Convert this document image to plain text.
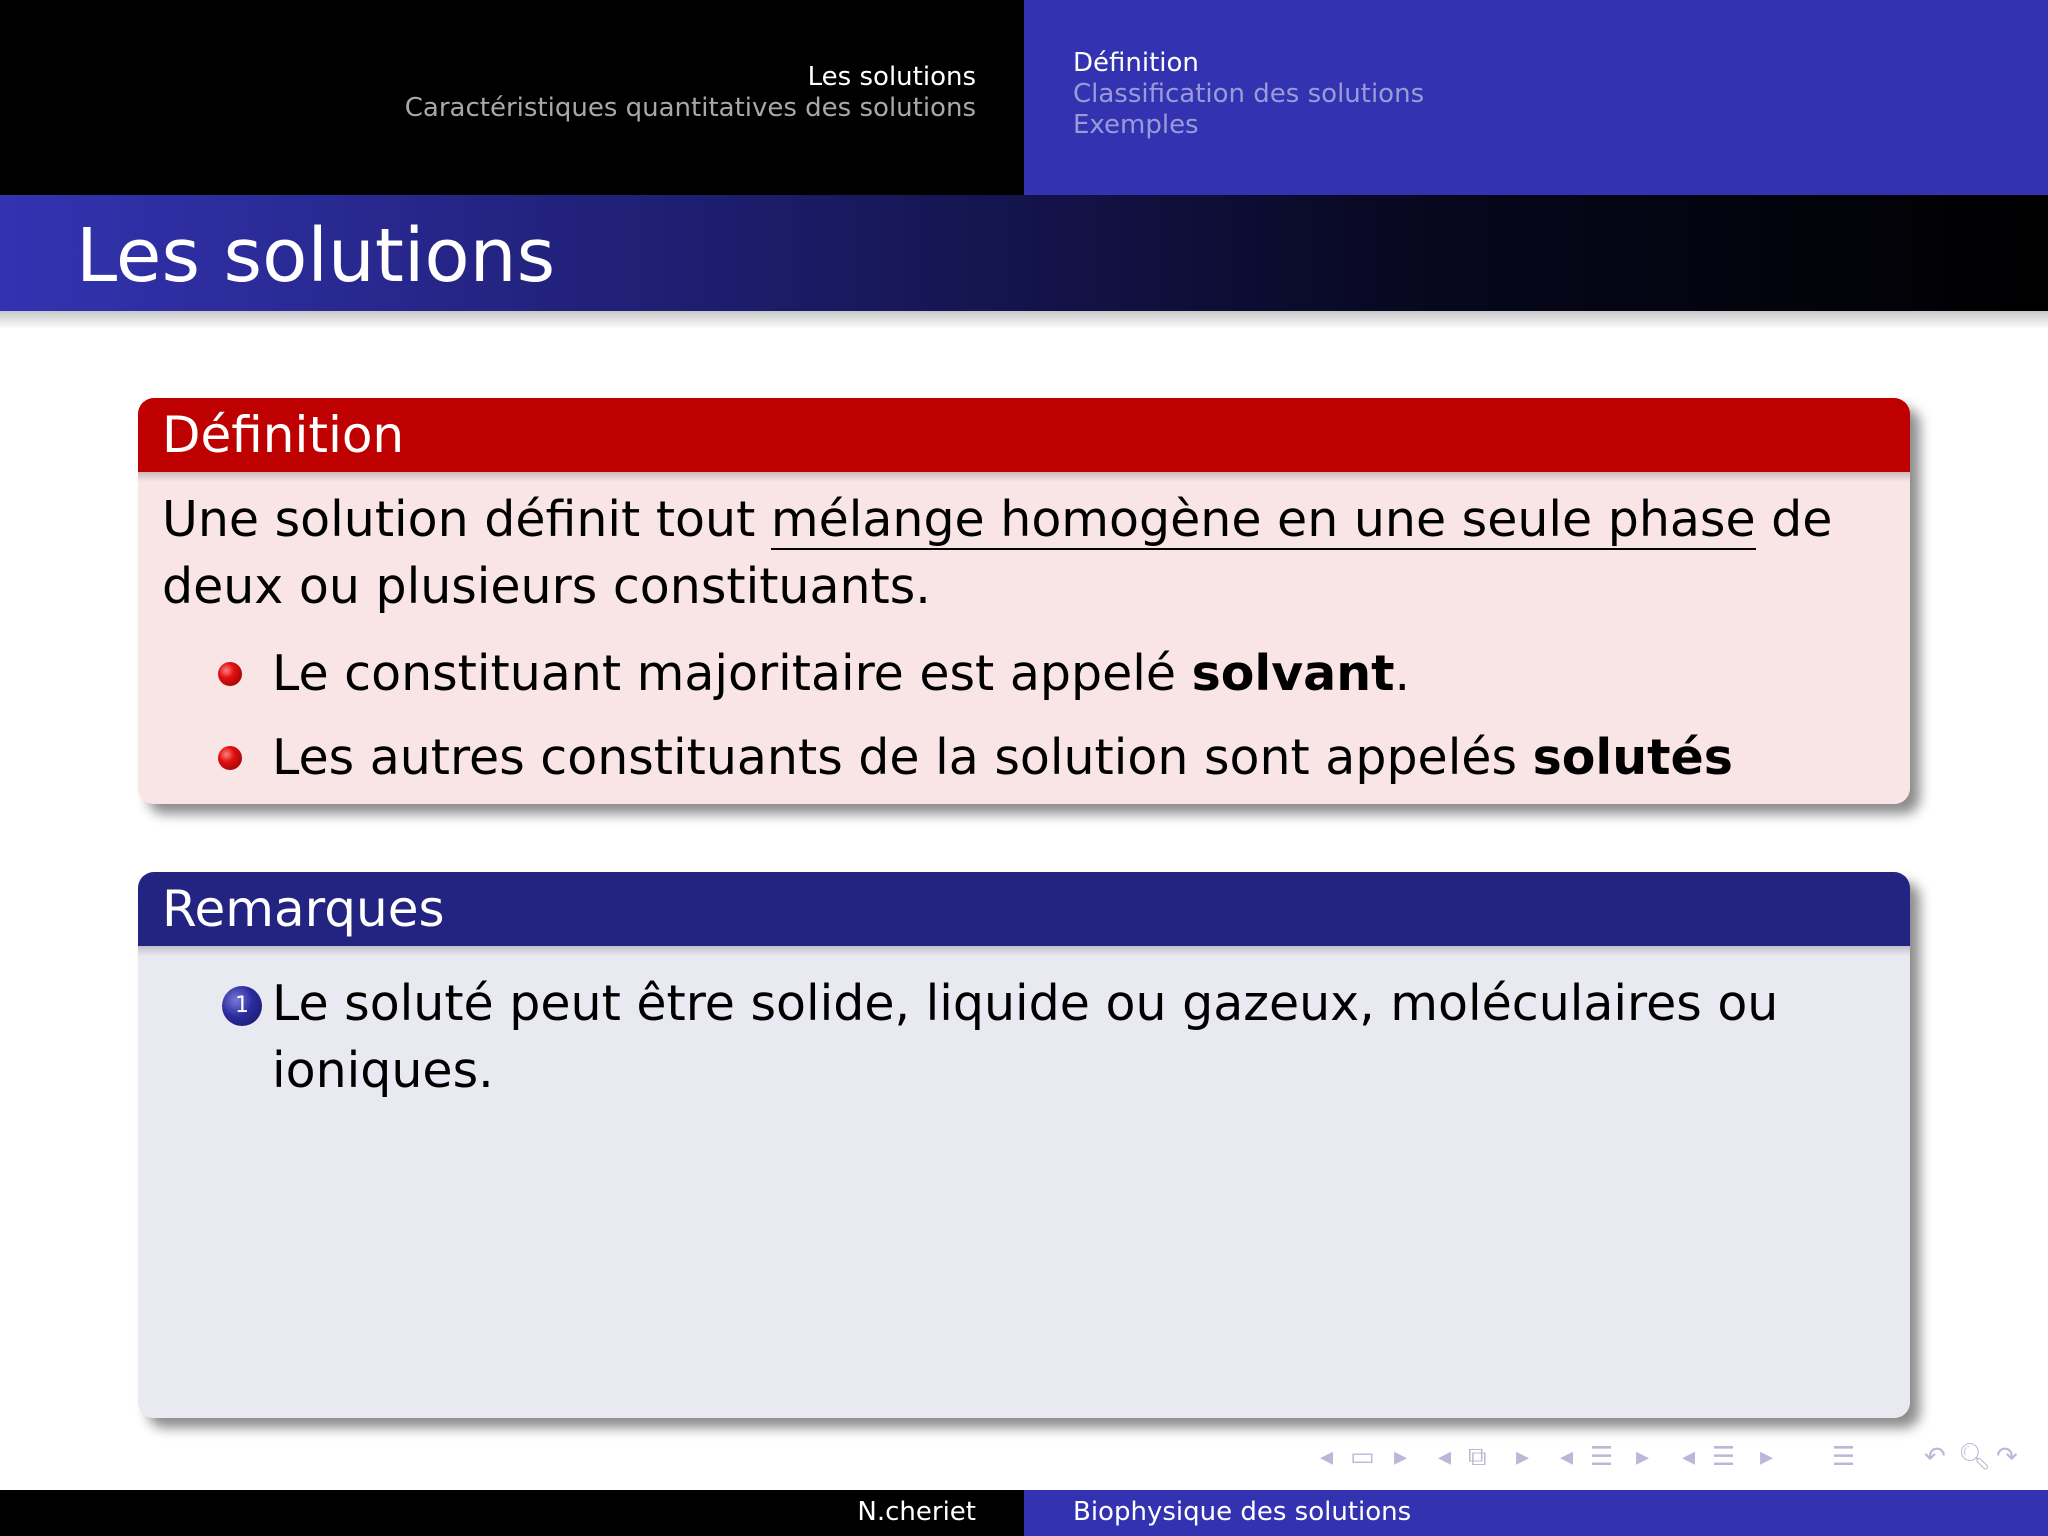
Les solutions
Caractéristiques quantitatives des solutions
Définition
Classification des solutions
Exemples
Les solutions
Définition
Une solution définit tout mélange homogène en une seule phase de deux ou plusieurs constituants.
Le constituant majoritaire est appelé solvant.
Les autres constituants de la solution sont appelés solutés
Remarques
1 Le soluté peut être solide, liquide ou gazeux, moléculaires ou ioniques.
◂ ▭ ▸ ◂ ⧉ ▸ ◂ ☰ ▸ ◂ ☰ ▸ ☰	↶ 🔍︎ ↷
N.cheriet	Biophysique des solutions
